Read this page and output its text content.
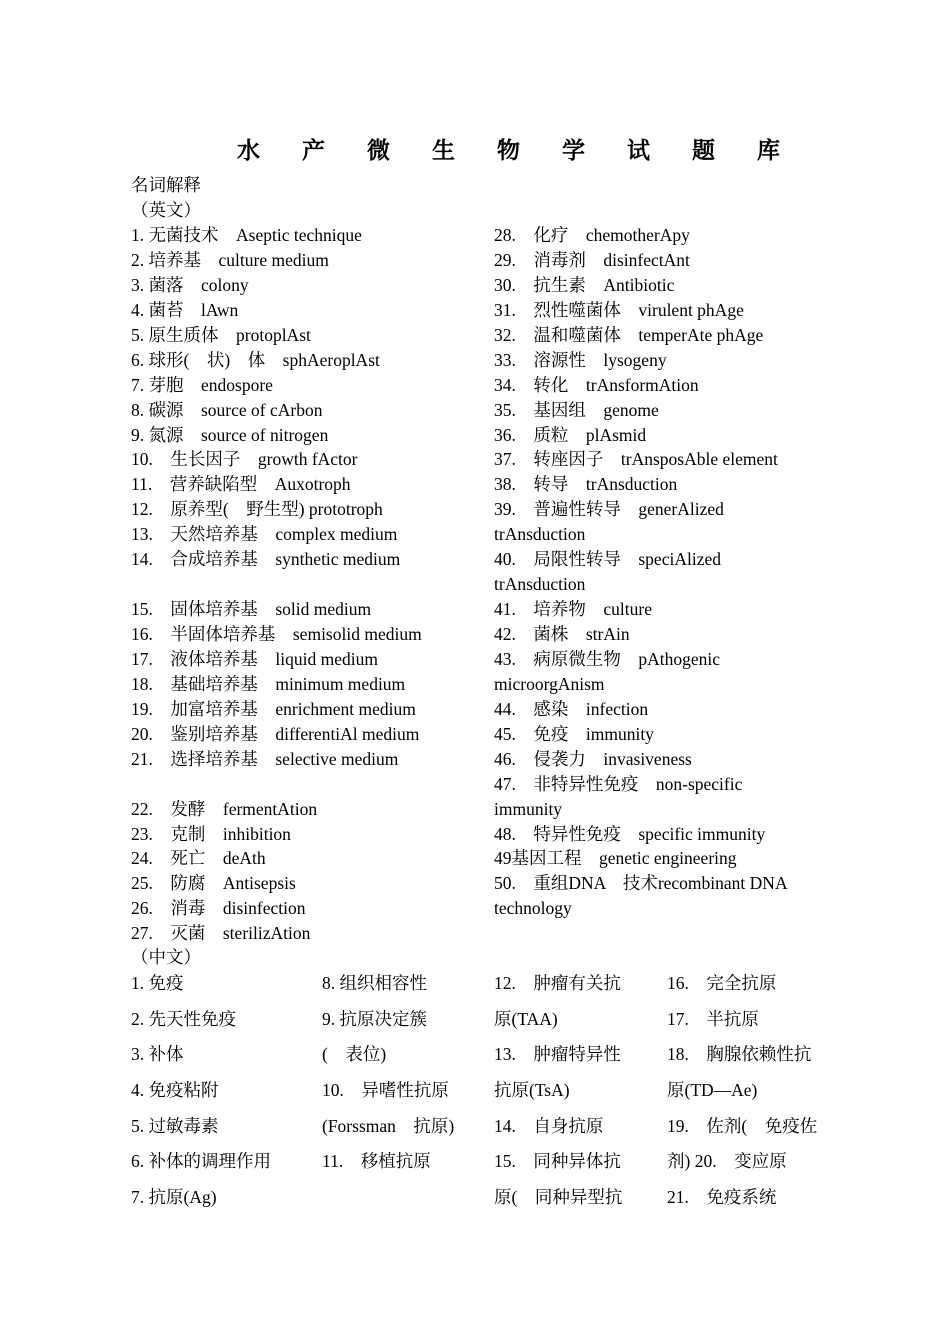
水 产 微 生 物 学 试 题 库
名词解释
（英文）
1. 无菌技术　Aseptic technique
2. 培养基　culture medium
3. 菌落　colony
4. 菌苔　lAwn
5. 原生质体　protoplAst
6. 球形(　状)　体　sphAeroplAst
7. 芽胞　endospore
8. 碳源　source of cArbon
9. 氮源　source of nitrogen
10.　生长因子　growth fActor
11.　营养缺陷型　Auxotroph
12.　原养型(　野生型) prototroph
13.　天然培养基　complex medium
14.　合成培养基　synthetic medium
15.　固体培养基　solid medium
16.　半固体培养基　semisolid medium
17.　液体培养基　liquid medium
18.　基础培养基　minimum medium
19.　加富培养基　enrichment medium
20.　鉴别培养基　differentiAl medium
21.　选择培养基　selective medium
22.　发酵　fermentAtion
23.　克制　inhibition
24.　死亡　deAth
25.　防腐　Antisepsis
26.　消毒　disinfection
27.　灭菌　sterilizAtion
28.　化疗　chemotherApy
29.　消毒剂　disinfectAnt
30.　抗生素　Antibiotic
31.　烈性噬菌体　virulent phAge
32.　温和噬菌体　temperAte phAge
33.　溶源性　lysogeny
34.　转化　trAnsformAtion
35.　基因组　genome
36.　质粒　plAsmid
37.　转座因子　trAnsposAble element
38.　转导　trAnsduction
39.　普遍性转导　generAlized
trAnsduction
40.　局限性转导　speciAlized
trAnsduction
41.　培养物　culture
42.　菌株　strAin
43.　病原微生物　pAthogenic
microorgAnism
44.　感染　infection
45.　免疫　immunity
46.　侵袭力　invasiveness
47.　非特异性免疫　non-specific
immunity
48.　特异性免疫　specific immunity
49基因工程　genetic engineering
50.　重组DNA　技术recombinant DNA
technology
（中文）
1. 免疫
2. 先天性免疫
3. 补体
4. 免疫粘附
5. 过敏毒素
6. 补体的调理作用
7. 抗原(Ag)
8. 组织相容性
9. 抗原决定簇
(　表位)
10.　异嗜性抗原
(Forssman　抗原)
11.　移植抗原
12.　肿瘤有关抗
原(TAA)
13.　肿瘤特异性
抗原(TsA)
14.　自身抗原
15.　同种异体抗
原(　同种异型抗
16.　完全抗原
17.　半抗原
18.　胸腺依赖性抗
原(TD—Ae)
19.　佐剂(　免疫佐
剂) 20.　变应原
21.　免疫系统
